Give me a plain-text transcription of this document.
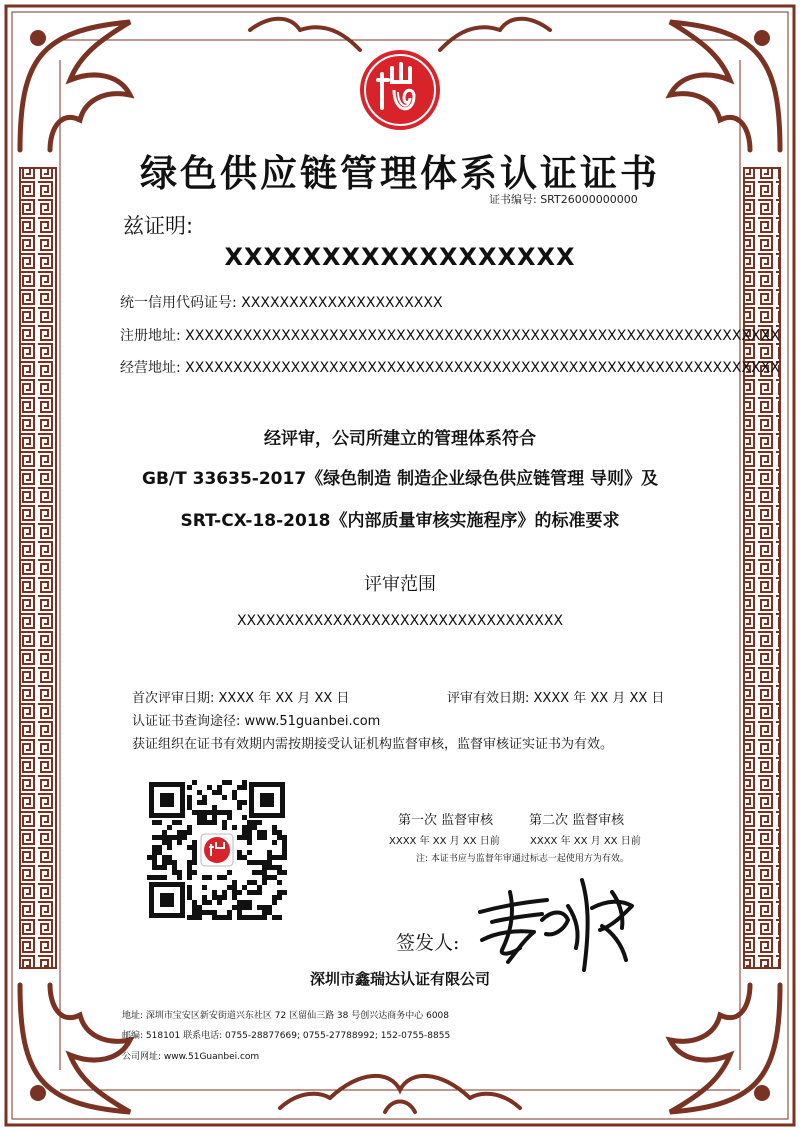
绿色供应链管理体系认证证书
证书编号: SRT26000000000
兹证明:
XXXXXXXXXXXXXXXXXX
统一信用代码证号: XXXXXXXXXXXXXXXXXXXXX
注册地址: XXXXXXXXXXXXXXXXXXXXXXXXXXXXXXXXXXXXXXXXXXXXXXXXXXXXXXXXXXXXXX
经营地址: XXXXXXXXXXXXXXXXXXXXXXXXXXXXXXXXXXXXXXXXXXXXXXXXXXXXXXXXXXXXXX
经评审，公司所建立的管理体系符合
GB/T 33635-2017《绿色制造 制造企业绿色供应链管理 导则》及
SRT-CX-18-2018《内部质量审核实施程序》的标准要求
评审范围
XXXXXXXXXXXXXXXXXXXXXXXXXXXXXXXXXX
首次评审日期: XXXX 年 XX 月 XX 日	评审有效日期: XXXX 年 XX 月 XX 日
认证证书查询途径: www.51guanbei.com
获证组织在证书有效期内需按期接受认证机构监督审核，监督审核证实证书为有效。
第一次 监督审核	第二次 监督审核
XXXX 年 XX 月 XX 日前	XXXX 年 XX 月 XX 日前
注: 本证书应与监督年审通过标志一起使用方为有效。
签发人:
深圳市鑫瑞达认证有限公司
地址: 深圳市宝安区新安街道兴东社区 72 区留仙三路 38 号创兴达商务中心 6008
邮编: 518101 联系电话: 0755-28877669; 0755-27788992; 152-0755-8855
公司网址: www.51Guanbei.com
